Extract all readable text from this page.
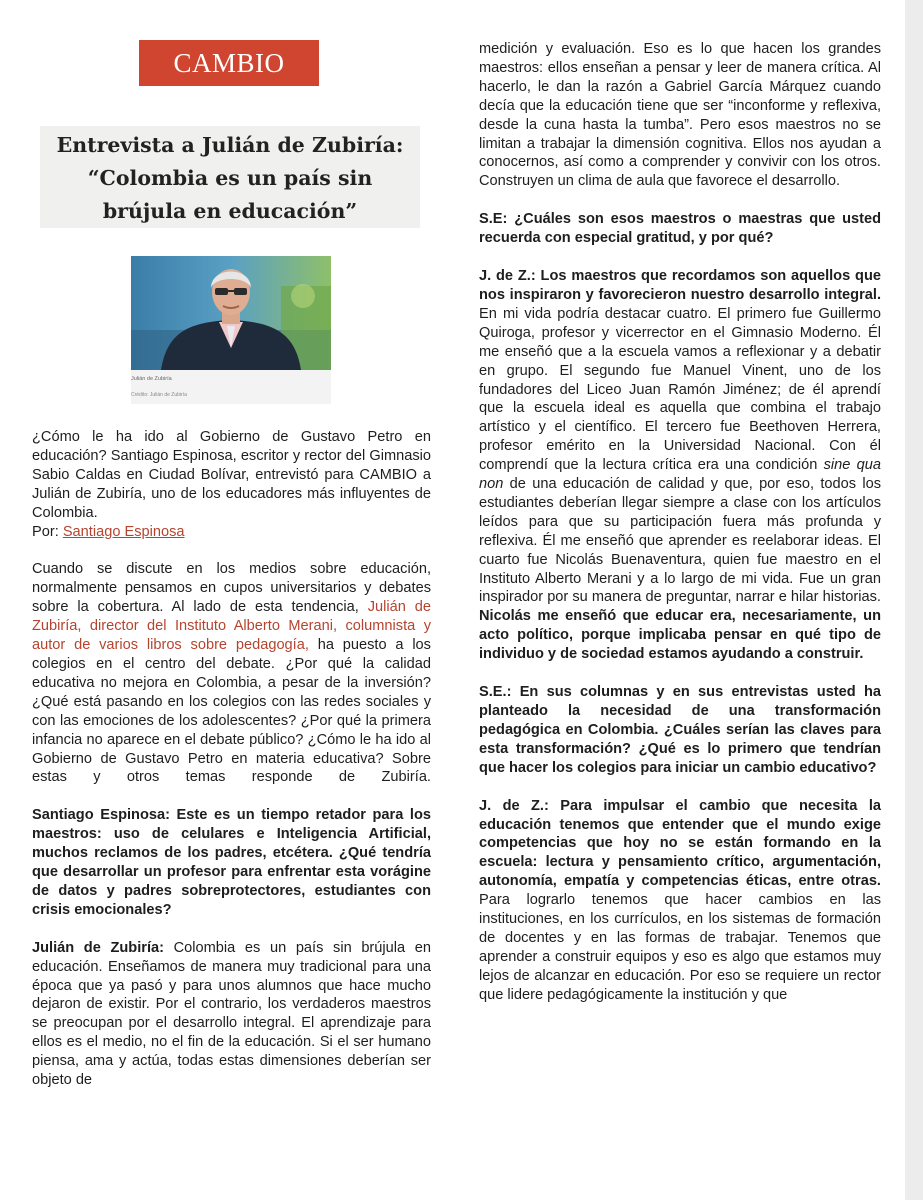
CAMBIO
Entrevista a Julián de Zubiría:
“Colombia es un país sin
brújula en educación”
Julián de Zubiría
Crédito: Julián de Zubiría

¿Cómo le ha ido al Gobierno de Gustavo Petro en educación? Santiago Espinosa, escritor y rector del Gimnasio Sabio Caldas en Ciudad Bolívar, entrevistó para CAMBIO a Julián de Zubiría, uno de los educadores más influyentes de Colombia.

Por: Santiago Espinosa

Cuando se discute en los medios sobre educación, normalmente pensamos en cupos universitarios y debates sobre la cobertura. Al lado de esta tendencia, Julián de Zubiría, director del Instituto Alberto Merani, columnista y autor de varios libros sobre pedagogía, ha puesto a los colegios en el centro del debate. ¿Por qué la calidad educativa no mejora en Colombia, a pesar de la inversión? ¿Qué está pasando en los colegios con las redes sociales y con las emociones de los adolescentes? ¿Por qué la primera infancia no aparece en el debate público? ¿Cómo le ha ido al Gobierno de Gustavo Petro en materia educativa? Sobre estas y otros temas responde de Zubiría.

Santiago Espinosa: Este es un tiempo retador para los maestros: uso de celulares e Inteligencia Artificial, muchos reclamos de los padres, etcétera. ¿Qué tendría que desarrollar un profesor para enfrentar esta vorágine de datos y padres sobreprotectores, estudiantes con crisis emocionales?

Julián de Zubiría: Colombia es un país sin brújula en educación. Enseñamos de manera muy tradicional para una época que ya pasó y para unos alumnos que hace mucho dejaron de existir. Por el contrario, los verdaderos maestros se preocupan por el desarrollo integral. El aprendizaje para ellos es el medio, no el fin de la educación. Si el ser humano piensa, ama y actúa, todas estas dimensiones deberían ser objeto de

medición y evaluación. Eso es lo que hacen los grandes maestros: ellos enseñan a pensar y leer de manera crítica. Al hacerlo, le dan la razón a Gabriel García Márquez cuando decía que la educación tiene que ser “inconforme y reflexiva, desde la cuna hasta la tumba”. Pero esos maestros no se limitan a trabajar la dimensión cognitiva. Ellos nos ayudan a conocernos, así como a comprender y convivir con los otros. Construyen un clima de aula que favorece el desarrollo.

S.E: ¿Cuáles son esos maestros o maestras que usted recuerda con especial gratitud, y por qué?

J. de Z.: Los maestros que recordamos son aquellos que nos inspiraron y favorecieron nuestro desarrollo integral. En mi vida podría destacar cuatro. El primero fue Guillermo Quiroga, profesor y vicerrector en el Gimnasio Moderno. Él me enseñó que a la escuela vamos a reflexionar y a debatir en grupo. El segundo fue Manuel Vinent, uno de los fundadores del Liceo Juan Ramón Jiménez; de él aprendí que la escuela ideal es aquella que combina el trabajo artístico y el científico. El tercero fue Beethoven Herrera, profesor emérito en la Universidad Nacional. Con él comprendí que la lectura crítica era una condición sine qua non de una educación de calidad y que, por eso, todos los estudiantes deberían llegar siempre a clase con los artículos leídos para que su participación fuera más profunda y reflexiva. Él me enseñó que aprender es reelaborar ideas. El cuarto fue Nicolás Buenaventura, quien fue maestro en el Instituto Alberto Merani y a lo largo de mi vida. Fue un gran inspirador por su manera de preguntar, narrar e hilar historias. Nicolás me enseñó que educar era, necesariamente, un acto político, porque implicaba pensar en qué tipo de individuo y de sociedad estamos ayudando a construir.

S.E.: En sus columnas y en sus entrevistas usted ha planteado la necesidad de una transformación pedagógica en Colombia. ¿Cuáles serían las claves para esta transformación? ¿Qué es lo primero que tendrían que hacer los colegios para iniciar un cambio educativo?

J. de Z.: Para impulsar el cambio que necesita la educación tenemos que entender que el mundo exige competencias que hoy no se están formando en la escuela: lectura y pensamiento crítico, argumentación, autonomía, empatía y competencias éticas, entre otras. Para lograrlo tenemos que hacer cambios en las instituciones, en los currículos, en los sistemas de formación de docentes y en las formas de trabajar. Tenemos que aprender a construir equipos y eso es algo que estamos muy lejos de alcanzar en educación. Por eso se requiere un rector que lidere pedagógicamente la institución y que
